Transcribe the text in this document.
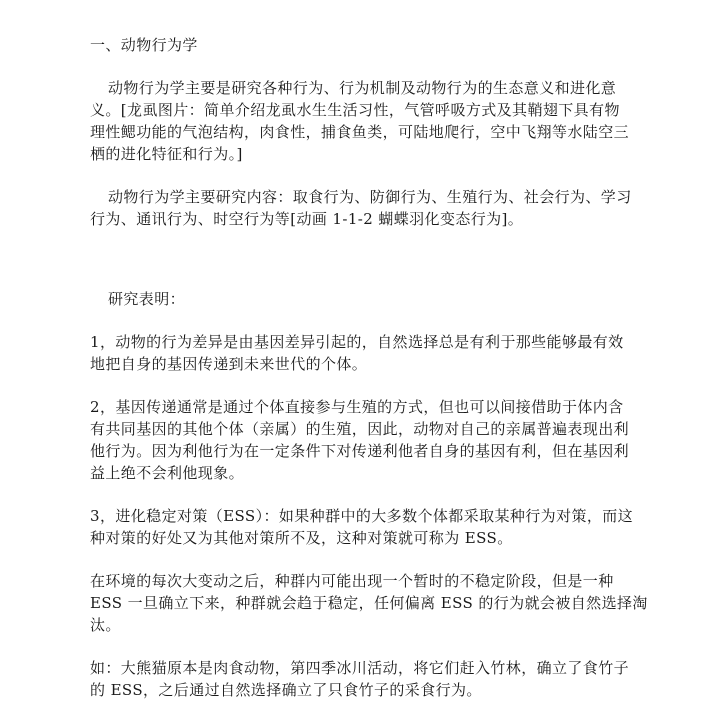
一、动物行为学
动物行为学主要是研究各种行为、行为机制及动物行为的生态意义和进化意
义。[龙虱图片：简单介绍龙虱水生生活习性，气管呼吸方式及其鞘翅下具有物
理性鳃功能的气泡结构，肉食性，捕食鱼类，可陆地爬行，空中飞翔等水陆空三
栖的进化特征和行为。]
动物行为学主要研究内容：取食行为、防御行为、生殖行为、社会行为、学习
行为、通讯行为、时空行为等[动画 1-1-2 蝴蝶羽化变态行为]。
研究表明：
1，动物的行为差异是由基因差异引起的，自然选择总是有利于那些能够最有效
地把自身的基因传递到未来世代的个体。
2，基因传递通常是通过个体直接参与生殖的方式，但也可以间接借助于体内含
有共同基因的其他个体（亲属）的生殖，因此，动物对自己的亲属普遍表现出利
他行为。因为利他行为在一定条件下对传递利他者自身的基因有利，但在基因利
益上绝不会利他现象。
3，进化稳定对策（ESS）：如果种群中的大多数个体都采取某种行为对策，而这
种对策的好处又为其他对策所不及，这种对策就可称为 ESS。
在环境的每次大变动之后，种群内可能出现一个暂时的不稳定阶段，但是一种
ESS 一旦确立下来，种群就会趋于稳定，任何偏离 ESS 的行为就会被自然选择淘
汰。
如：大熊猫原本是肉食动物，第四季冰川活动，将它们赶入竹林，确立了食竹子
的 ESS，之后通过自然选择确立了只食竹子的采食行为。
